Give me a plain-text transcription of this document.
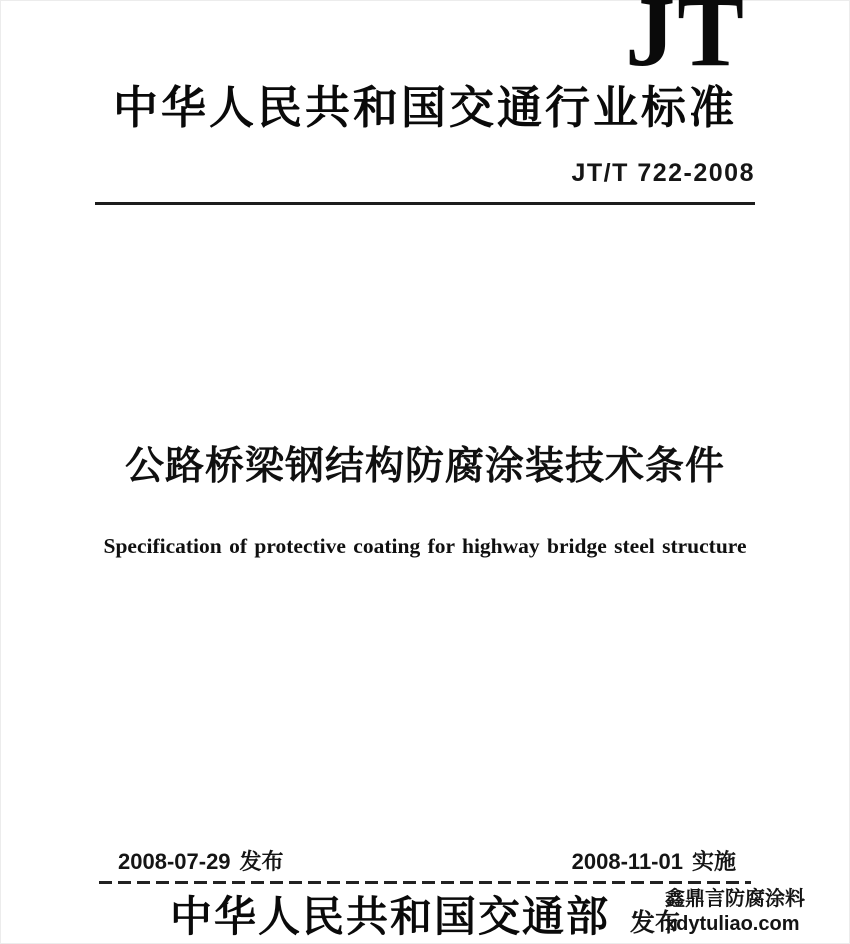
JT
中华人民共和国交通行业标准
JT/T 722-2008
公路桥梁钢结构防腐涂装技术条件
Specification of protective coating for highway bridge steel structure
2008-07-29 发布	2008-11-01 实施
中华人民共和国交通部 发布
鑫鼎言防腐涂料
xdytuliao.com
